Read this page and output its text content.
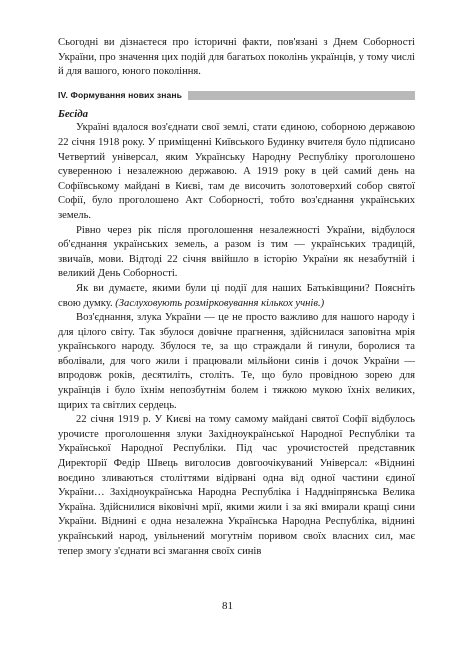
Сьогодні ви дізнаєтеся про історичні факти, пов'язані з Днем Соборності України, про значення цих подій для багатьох поколінь українців, у тому числі й для вашого, юного покоління.

IV. Формування нових знань

Бесіда

Україні вдалося воз'єднати свої землі, стати єдиною, соборною державою 22 січня 1918 року. У приміщенні Київського Будинку вчителя було підписано Четвертий універсал, яким Українську Народну Республіку проголошено суверенною і незалежною державою. А 1919 року в цей самий день на Софіївському майдані в Києві, там де височить золотоверхий собор святої Софії, було проголошено Акт Соборності, тобто воз'єднання українських земель.

Рівно через рік після проголошення незалежності України, відбулося об'єднання українських земель, а разом із тим — українських традицій, звичаїв, мови. Відтоді 22 січня ввійшло в історію України як незабутній і великий День Соборності.

Як ви думаєте, якими були ці події для наших Батьківщини? Поясніть свою думку. (Заслуховують розмірковування кількох учнів.)

Воз'єднання, злука України — це не просто важливо для нашого народу і для цілого світу. Так збулося довічне прагнення, здійснилася заповітна мрія українського народу. Збулося те, за що страждали й гинули, боролися та вболівали, для чого жили і працювали мільйони синів і дочок України — впродовж років, десятиліть, століть. Те, що було провідною зорею для українців і було їхнім непозбутнім болем і тяжкою мукою їхніх великих, щирих та світлих сердець.

22 січня 1919 р. У Києві на тому самому майдані святої Софії відбулось урочисте проголошення злуки Західноукраїнської Народної Республіки та Української Народної Республіки. Під час урочистостей представник Директорії Федір Швець виголосив довгоочікуваний Універсал: «Віднині воєдино зливаються століттями відірвані одна від одної частини єдиної України… Західноукраїнська Народна Республіка і Наддніпрянська Велика Україна. Здійснилися віковічні мрії, якими жили і за які вмирали кращі сини України. Віднині є одна незалежна Українська Народна Республіка, віднині український народ, увільнений могутнім поривом своїх власних сил, має тепер змогу з'єднати всі змагання своїх синів

81
